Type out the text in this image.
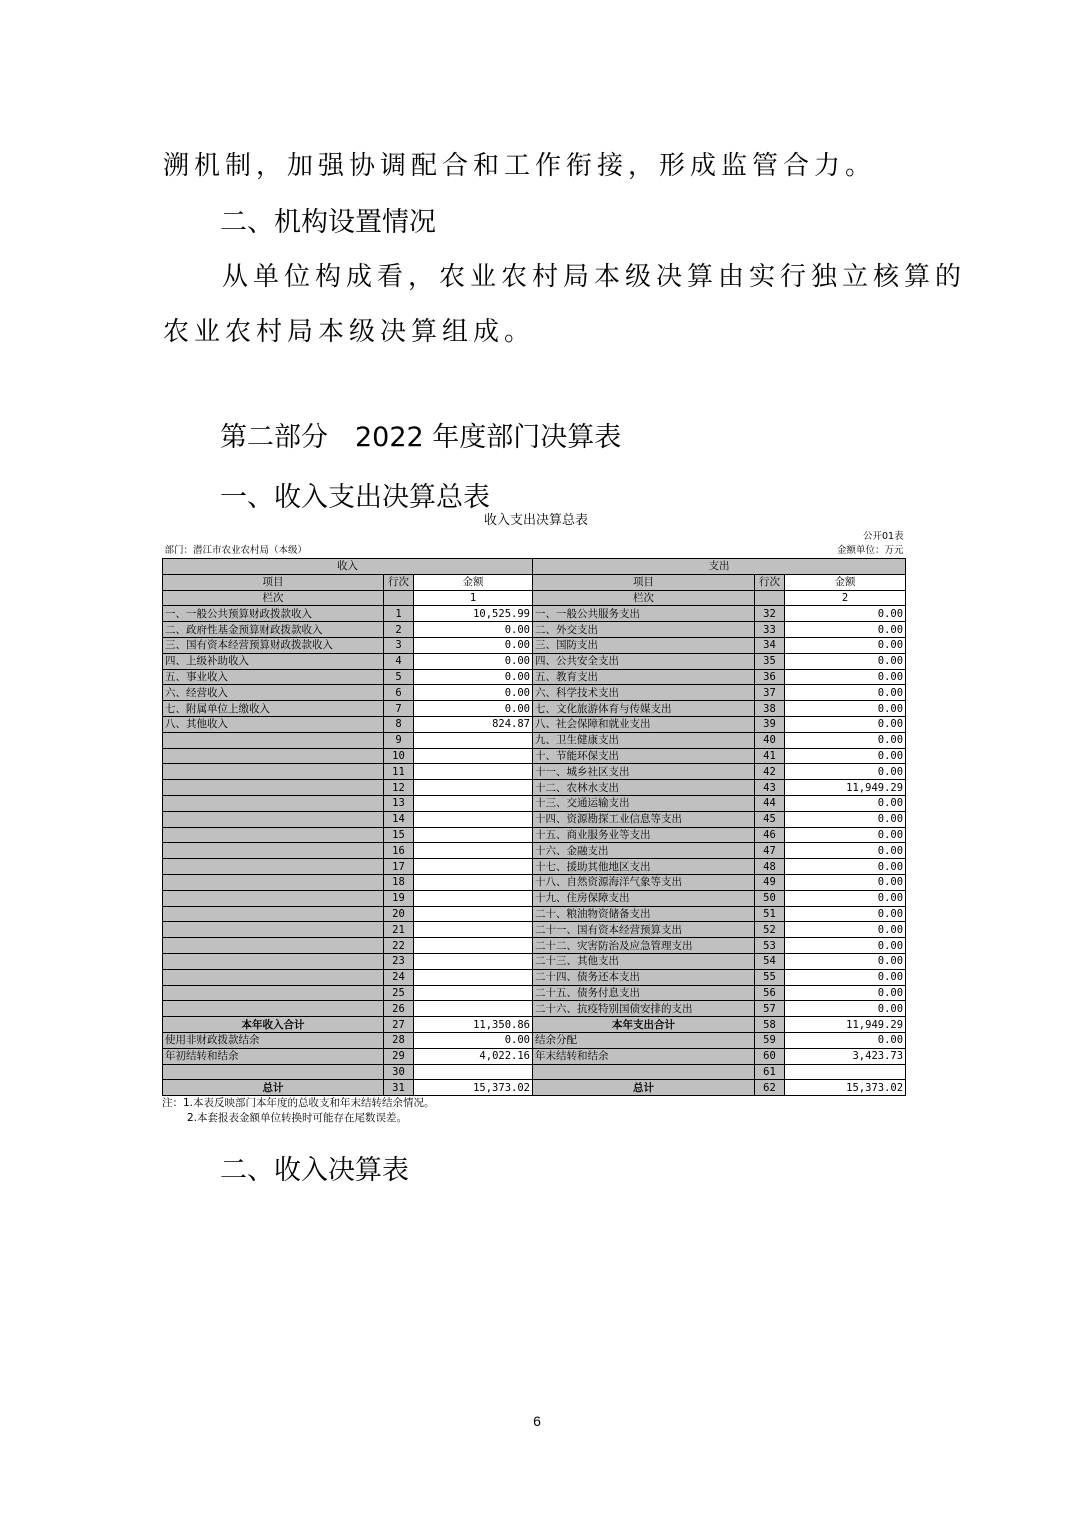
溯机制，加强协调配合和工作衔接，形成监管合力。
二、机构设置情况
从单位构成看，农业农村局本级决算由实行独立核算的
农业农村局本级决算组成。
第二部分　2022 年度部门决算表
一、收入支出决算总表
收入支出决算总表
公开01表					
部门：潜江市农业农村局（本级）			金额单位：万元		
收入			支出		
项目	行次	金额	项目	行次	金额
栏次		1	栏次		2
一、一般公共预算财政拨款收入	1	10,525.99	一、一般公共服务支出	32	0.00
二、政府性基金预算财政拨款收入	2	0.00	二、外交支出	33	0.00
三、国有资本经营预算财政拨款收入	3	0.00	三、国防支出	34	0.00
四、上级补助收入	4	0.00	四、公共安全支出	35	0.00
五、事业收入	5	0.00	五、教育支出	36	0.00
六、经营收入	6	0.00	六、科学技术支出	37	0.00
七、附属单位上缴收入	7	0.00	七、文化旅游体育与传媒支出	38	0.00
八、其他收入	8	824.87	八、社会保障和就业支出	39	0.00
	9		九、卫生健康支出	40	0.00
	10		十、节能环保支出	41	0.00
	11		十一、城乡社区支出	42	0.00
	12		十二、农林水支出	43	11,949.29
	13		十三、交通运输支出	44	0.00
	14		十四、资源勘探工业信息等支出	45	0.00
	15		十五、商业服务业等支出	46	0.00
	16		十六、金融支出	47	0.00
	17		十七、援助其他地区支出	48	0.00
	18		十八、自然资源海洋气象等支出	49	0.00
	19		十九、住房保障支出	50	0.00
	20		二十、粮油物资储备支出	51	0.00
	21		二十一、国有资本经营预算支出	52	0.00
	22		二十二、灾害防治及应急管理支出	53	0.00
	23		二十三、其他支出	54	0.00
	24		二十四、债务还本支出	55	0.00
	25		二十五、债务付息支出	56	0.00
	26		二十六、抗疫特别国债安排的支出	57	0.00
本年收入合计	27	11,350.86	本年支出合计	58	11,949.29
使用非财政拨款结余	28	0.00	结余分配	59	0.00
年初结转和结余	29	4,022.16	年末结转和结余	60	3,423.73
	30			61	
总计	31	15,373.02	总计	62	15,373.02
注：1.本表反映部门本年度的总收支和年末结转结余情况。
2.本套报表金额单位转换时可能存在尾数误差。
二、收入决算表
6
